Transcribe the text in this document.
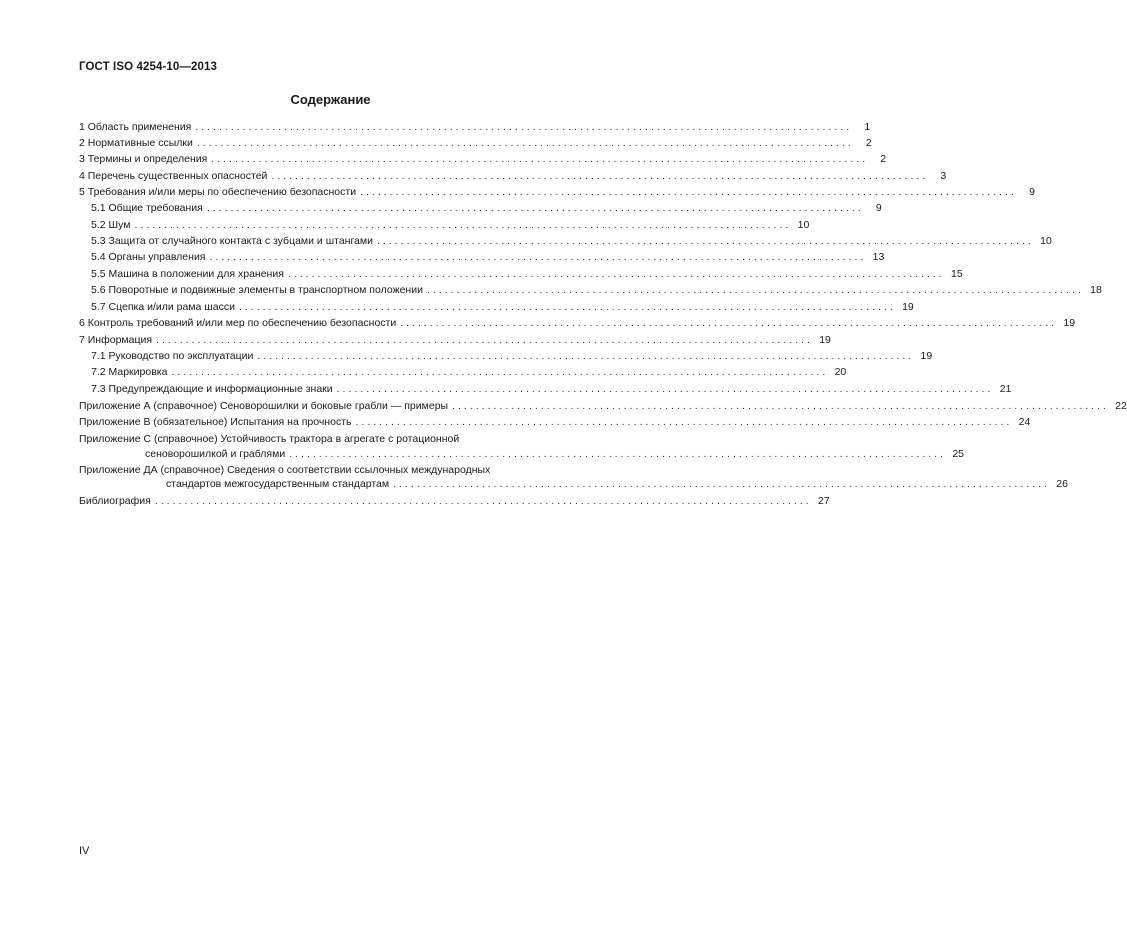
ГОСТ ISO 4254-10—2013
Содержание
1 Область применения ...............................................................................................................	1
2 Нормативные ссылки ...............................................................................................................	2
3 Термины и определения ...............................................................................................................	2
4 Перечень существенных опасностей ...............................................................................................................	3
5 Требования и/или меры по обеспечению безопасности ...............................................................................................................	9
5.1 Общие требования ...............................................................................................................	9
5.2 Шум ............................................................................................................... 10
5.3 Защита от случайного контакта с зубцами и штангами ............................................................................................................... 10
5.4 Органы управления ............................................................................................................... 13
5.5 Машина в положении для хранения ............................................................................................................... 15
5.6 Поворотные и подвижные элементы в транспортном положении ............................................................................................................... 18
5.7 Сцепка и/или рама шасси ............................................................................................................... 19
6 Контроль требований и/или мер по обеспечению безопасности ............................................................................................................... 19
7 Информация ............................................................................................................... 19
7.1 Руководство по эксплуатации ............................................................................................................... 19
7.2 Маркировка ............................................................................................................... 20
7.3 Предупреждающие и информационные знаки ............................................................................................................... 21
Приложение А (справочное) Сеноворошилки и боковые грабли — примеры ............................................................................................................... 22
Приложение В (обязательное) Испытания на прочность ............................................................................................................... 24
Приложение С (справочное) Устойчивость трактора в агрегате с ротационной
сеноворошилкой и граблями ............................................................................................................... 25
Приложение ДА (справочное) Сведения о соответствии ссылочных международных
стандартов межгосударственным стандартам ............................................................................................................... 26
Библиография ............................................................................................................... 27
IV
